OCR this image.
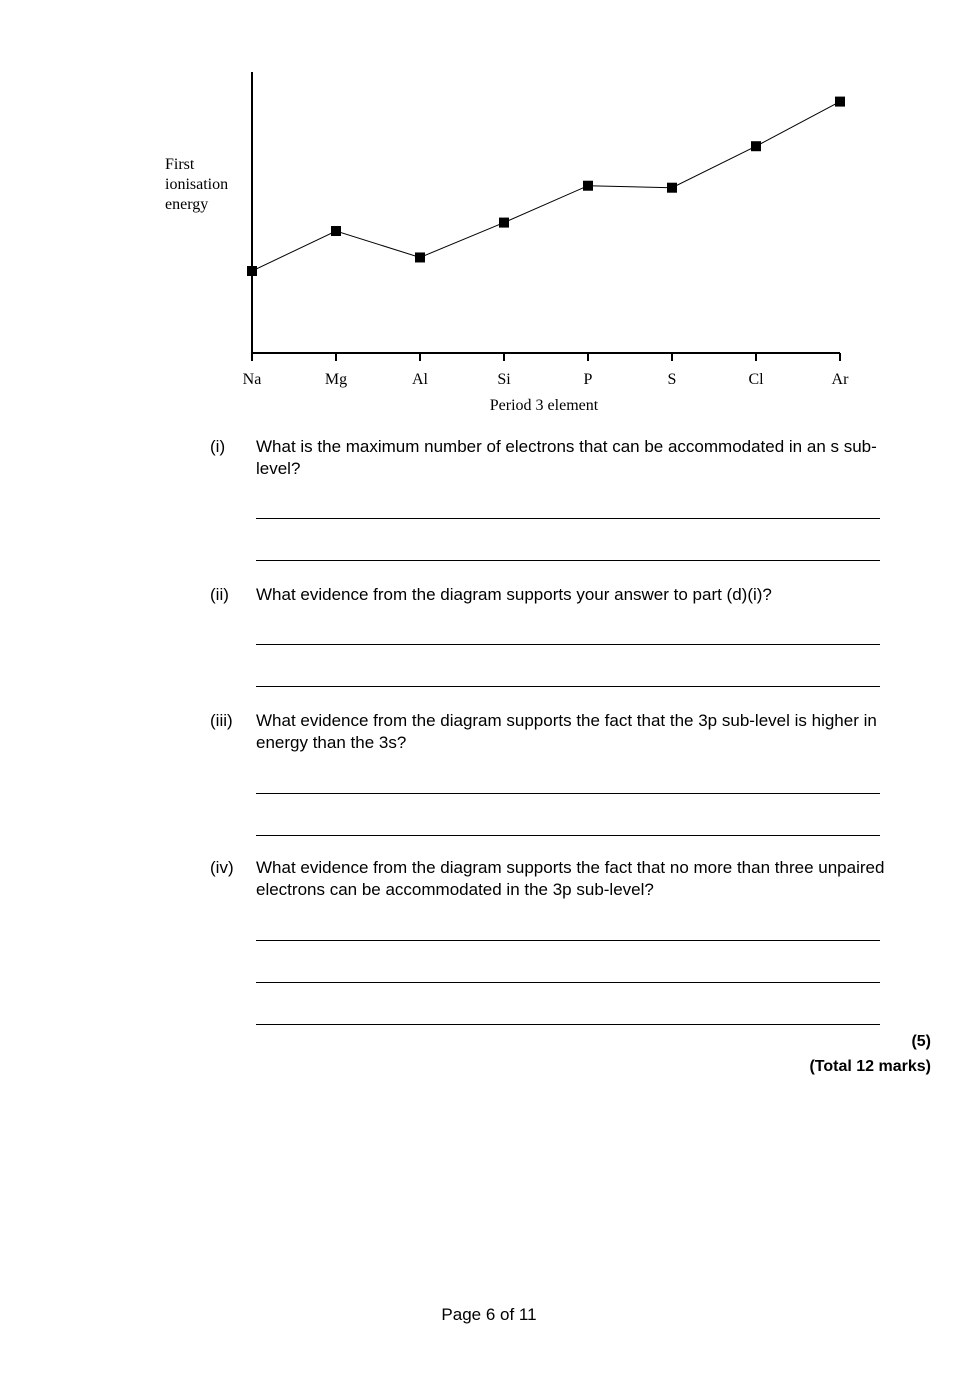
First
ionisation
energy
Na	Mg	Al	Si	P	S	Cl	Ar
Period 3 element
(i) What is the maximum number of electrons that can be accommodated in an s sub-level?
(ii) What evidence from the diagram supports your answer to part (d)(i)?
(iii) What evidence from the diagram supports the fact that the 3p sub-level is higher in energy than the 3s?
(iv) What evidence from the diagram supports the fact that no more than three unpaired electrons can be accommodated in the 3p sub-level?
(5)
(Total 12 marks)
Page 6 of 11
